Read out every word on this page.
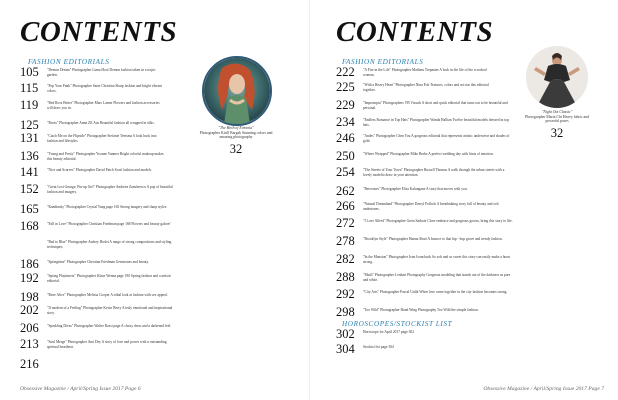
CONTENTS
FASHION EDITORIALS
105	"Demon Dream" Photographer Liana Hoot Demon fashion taken in a tropic garden.
115	"Pop Your Punk" Photographer Sarin Christina Sharp fashion and bright vibrant colors.
119	"Red Rose Better" Photographer Marc Lamer Flowers and fashion accessories will draw you in.
125	"Roots" Photographer Annn ZE Aus Beautiful fashion all wrapped in silks.
131	"Catch Me on the Flipside" Photographer Stefanie Teetsma A look back into fashion and lifestyles.
136	"Young and Pretty" Photographer Yvonne Vanmer Bright colorful makeup makes this beauty editorial.
141	"Nice and Scarves" Photographer David Patch Scarf fashion and models.
152	"Great Lost Grunge, Pin-up Girl" Photographer Andreea Zamferescu A pop of beautiful fashion and imagery.
165	"Kandinsky" Photographer Crystal Yang page 165 Strong imagery and sharp styles.
168	"Fall in Love" Photographer Christian Friedman page 168 Flowers and beauty galore!
"Bad to Blue" Photographer Audrey Hodot A range of strong compositions and styling techniques.
186	"Springtime" Photographer Christian Friedman Gemstones and beauty.
192	"Spring Playtimers" Photographer Klaus Wenna page 190 Spring fashion and a artistic editorial.
198	"Rave Alice" Photographer Melissa Cooper A tribal look at fashion with sex appeal.
202	"If modern of a Feeling" Photographer Kevin Berry A truly emotional and inspirational story.
206	"Sparkling Divas" Photographer Walter Rossi page A classy dress and a darkened feel.
213	"Soul Merge" Photographer Ami Dey A story of love and power with a outstanding spiritual heartbeat.
216
"The Birth of Eirinnia"
Photographer Kirill Bargak Stunning colors and amazing photography
32
Obsessive Magazine / April/Spring Issue 2017 Page 6
CONTENTS
FASHION EDITORIALS
222	"A Fire in the Life" Photographer Mathieu Trepanier A look in the life of the scorched woman.
225	"With a Heavy Heart" Photographer Nina Fok Textures, colors and art star this editorial together.
229	"Impromptu" Photographers VB Visuals A short and quick editorial that turns out to be beautiful and personal.
234	"Endless Romance in Top Hats" Photographer Wanda Hallian Twelve beautiful models dressed in top hats.
246	"Andes" Photographer Chen You A gorgeous editorial that represents artistic underwear and shades of gold.
250	"Where Wrapped" Photographer Mike Berke A perfect wedding day with hints of emotion.
254	"The Streets of Your Town" Photographer Russell Thomas A walk through the urban streets with a lovely modelto draw in your attention.
262	"Berceuses" Photographer Elisa Kalungane A story that moves with you.
266	"Natural Dreamland" Photographer Darryl Pollock A breathtaking story full of beauty and soft undertones.
272	"I Love Alfred" Photographer Greta Saikute Close embrace and gorgeous gowns, bring this story to life.
278	"Brooklyn Style" Photographer Hanna Shari A bounce to that hip - hop grove and trendy fashion.
282	"In the Mansion" Photographer Ivan Ivanchuck So soft and so sweet this story can easily make a heart strong.
288	"Muili" Photographer Lenhart Photography Gorgeous modeling that stands out of the darkness as pure and white.
292	"City Arts" Photographer Pascal Unlik When love come together in the city fashion becomes strong.
298	"Too Wild" Photographer Hand Wing Photography Too Wild the simple fashion.
HOROSCOPES/STOCKIST LIST
302	Horoscope for April 2017 page 302
304	Stockist list page 304
"Night Out Classic"
Photographer Maria Chi Heavy fabric and powerful poses
32
Obsessive Magazine / April/Spring Issue 2017 Page 7
